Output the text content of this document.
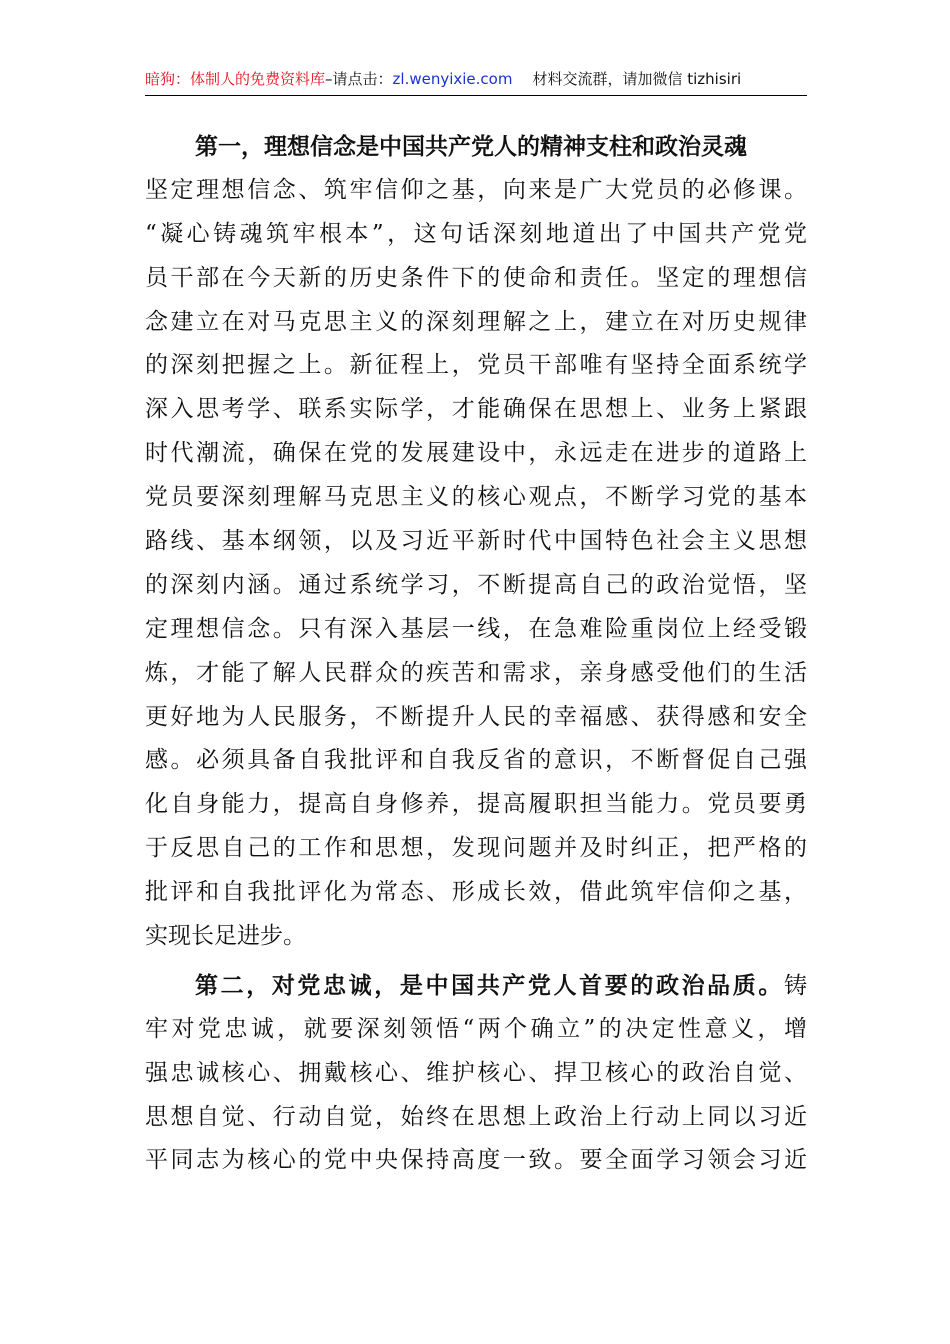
暗狗：体制人的免费资料库–请点击：zl.wenyixie.com 材料交流群，请加微信 tizhisiri
第一，理想信念是中国共产党人的精神支柱和政治灵魂
坚定理想信念、筑牢信仰之基，向来是广大党员的必修课。
“凝心铸魂筑牢根本”，这句话深刻地道出了中国共产党党
员干部在今天新的历史条件下的使命和责任。坚定的理想信
念建立在对马克思主义的深刻理解之上，建立在对历史规律
的深刻把握之上。新征程上，党员干部唯有坚持全面系统学
深入思考学、联系实际学，才能确保在思想上、业务上紧跟
时代潮流，确保在党的发展建设中，永远走在进步的道路上
党员要深刻理解马克思主义的核心观点，不断学习党的基本
路线、基本纲领，以及习近平新时代中国特色社会主义思想
的深刻内涵。通过系统学习，不断提高自己的政治觉悟，坚
定理想信念。只有深入基层一线，在急难险重岗位上经受锻
炼，才能了解人民群众的疾苦和需求，亲身感受他们的生活
更好地为人民服务，不断提升人民的幸福感、获得感和安全
感。必须具备自我批评和自我反省的意识，不断督促自己强
化自身能力，提高自身修养，提高履职担当能力。党员要勇
于反思自己的工作和思想，发现问题并及时纠正，把严格的
批评和自我批评化为常态、形成长效，借此筑牢信仰之基，
实现长足进步。
第二，对党忠诚，是中国共产党人首要的政治品质。铸
牢对党忠诚，就要深刻领悟“两个确立”的决定性意义，增
强忠诚核心、拥戴核心、维护核心、捍卫核心的政治自觉、
思想自觉、行动自觉，始终在思想上政治上行动上同以习近
平同志为核心的党中央保持高度一致。要全面学习领会习近
